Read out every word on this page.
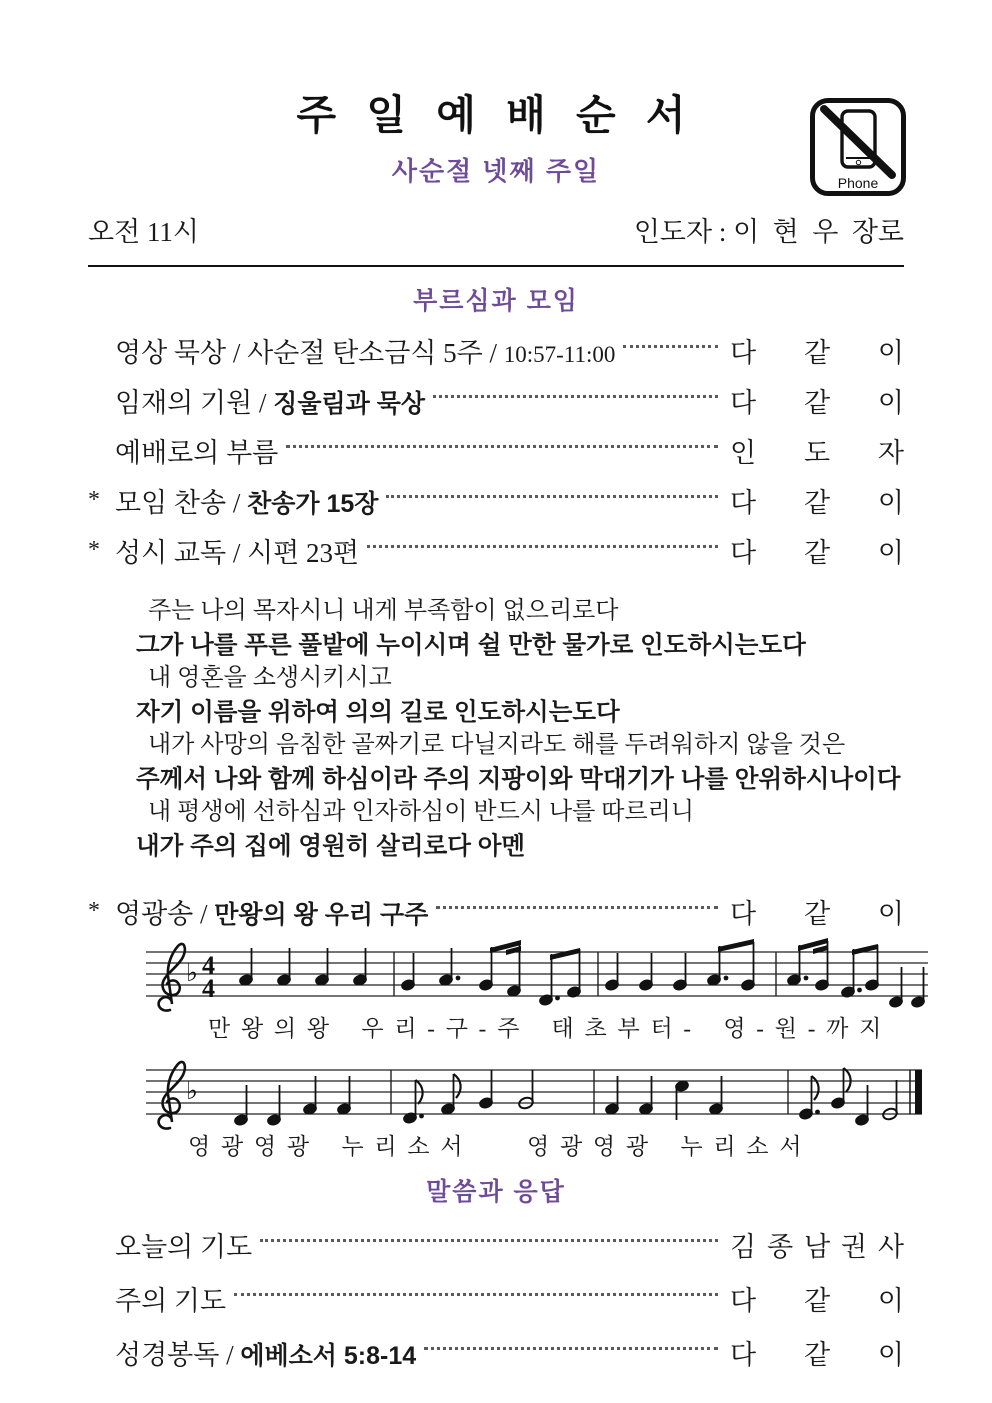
주 일 예 배 순 서
사순절 넷째 주일	Phone
오전 11시	인도자 : 이  현  우  장로
부르심과 모임
영상 묵상 / 사순절 탄소금식 5주 / 10:57-11:00	다 같 이
임재의 기원 / 징울림과 묵상	다 같 이
예배로의 부름	인 도 자
* 모임 찬송 / 찬송가 15장	다 같 이
* 성시 교독 / 시편 23편	다 같 이
주는 나의 목자시니 내게 부족함이 없으리로다
그가 나를 푸른 풀밭에 누이시며 쉴 만한 물가로 인도하시는도다
내 영혼을 소생시키시고
자기 이름을 위하여 의의 길로 인도하시는도다
내가 사망의 음침한 골짜기로 다닐지라도 해를 두려워하지 않을 것은
주께서 나와 함께 하심이라 주의 지팡이와 막대기가 나를 안위하시나이다
내 평생에 선하심과 인자하심이 반드시 나를 따르리니
내가 주의 집에 영원히 살리로다 아멘
* 영광송 / 만왕의 왕 우리 구주	다 같 이
♭ 4
4
만 왕 의 왕   우 리 - 구 - 주   태 초 부 터 -   영 - 원 - 까 지
♭
영 광 영 광   누 리 소 서      영 광 영 광   누 리 소 서
말씀과 응답
오늘의 기도	김 종 남 권 사
주의 기도	다 같 이
성경봉독 / 에베소서 5:8-14	다 같 이
